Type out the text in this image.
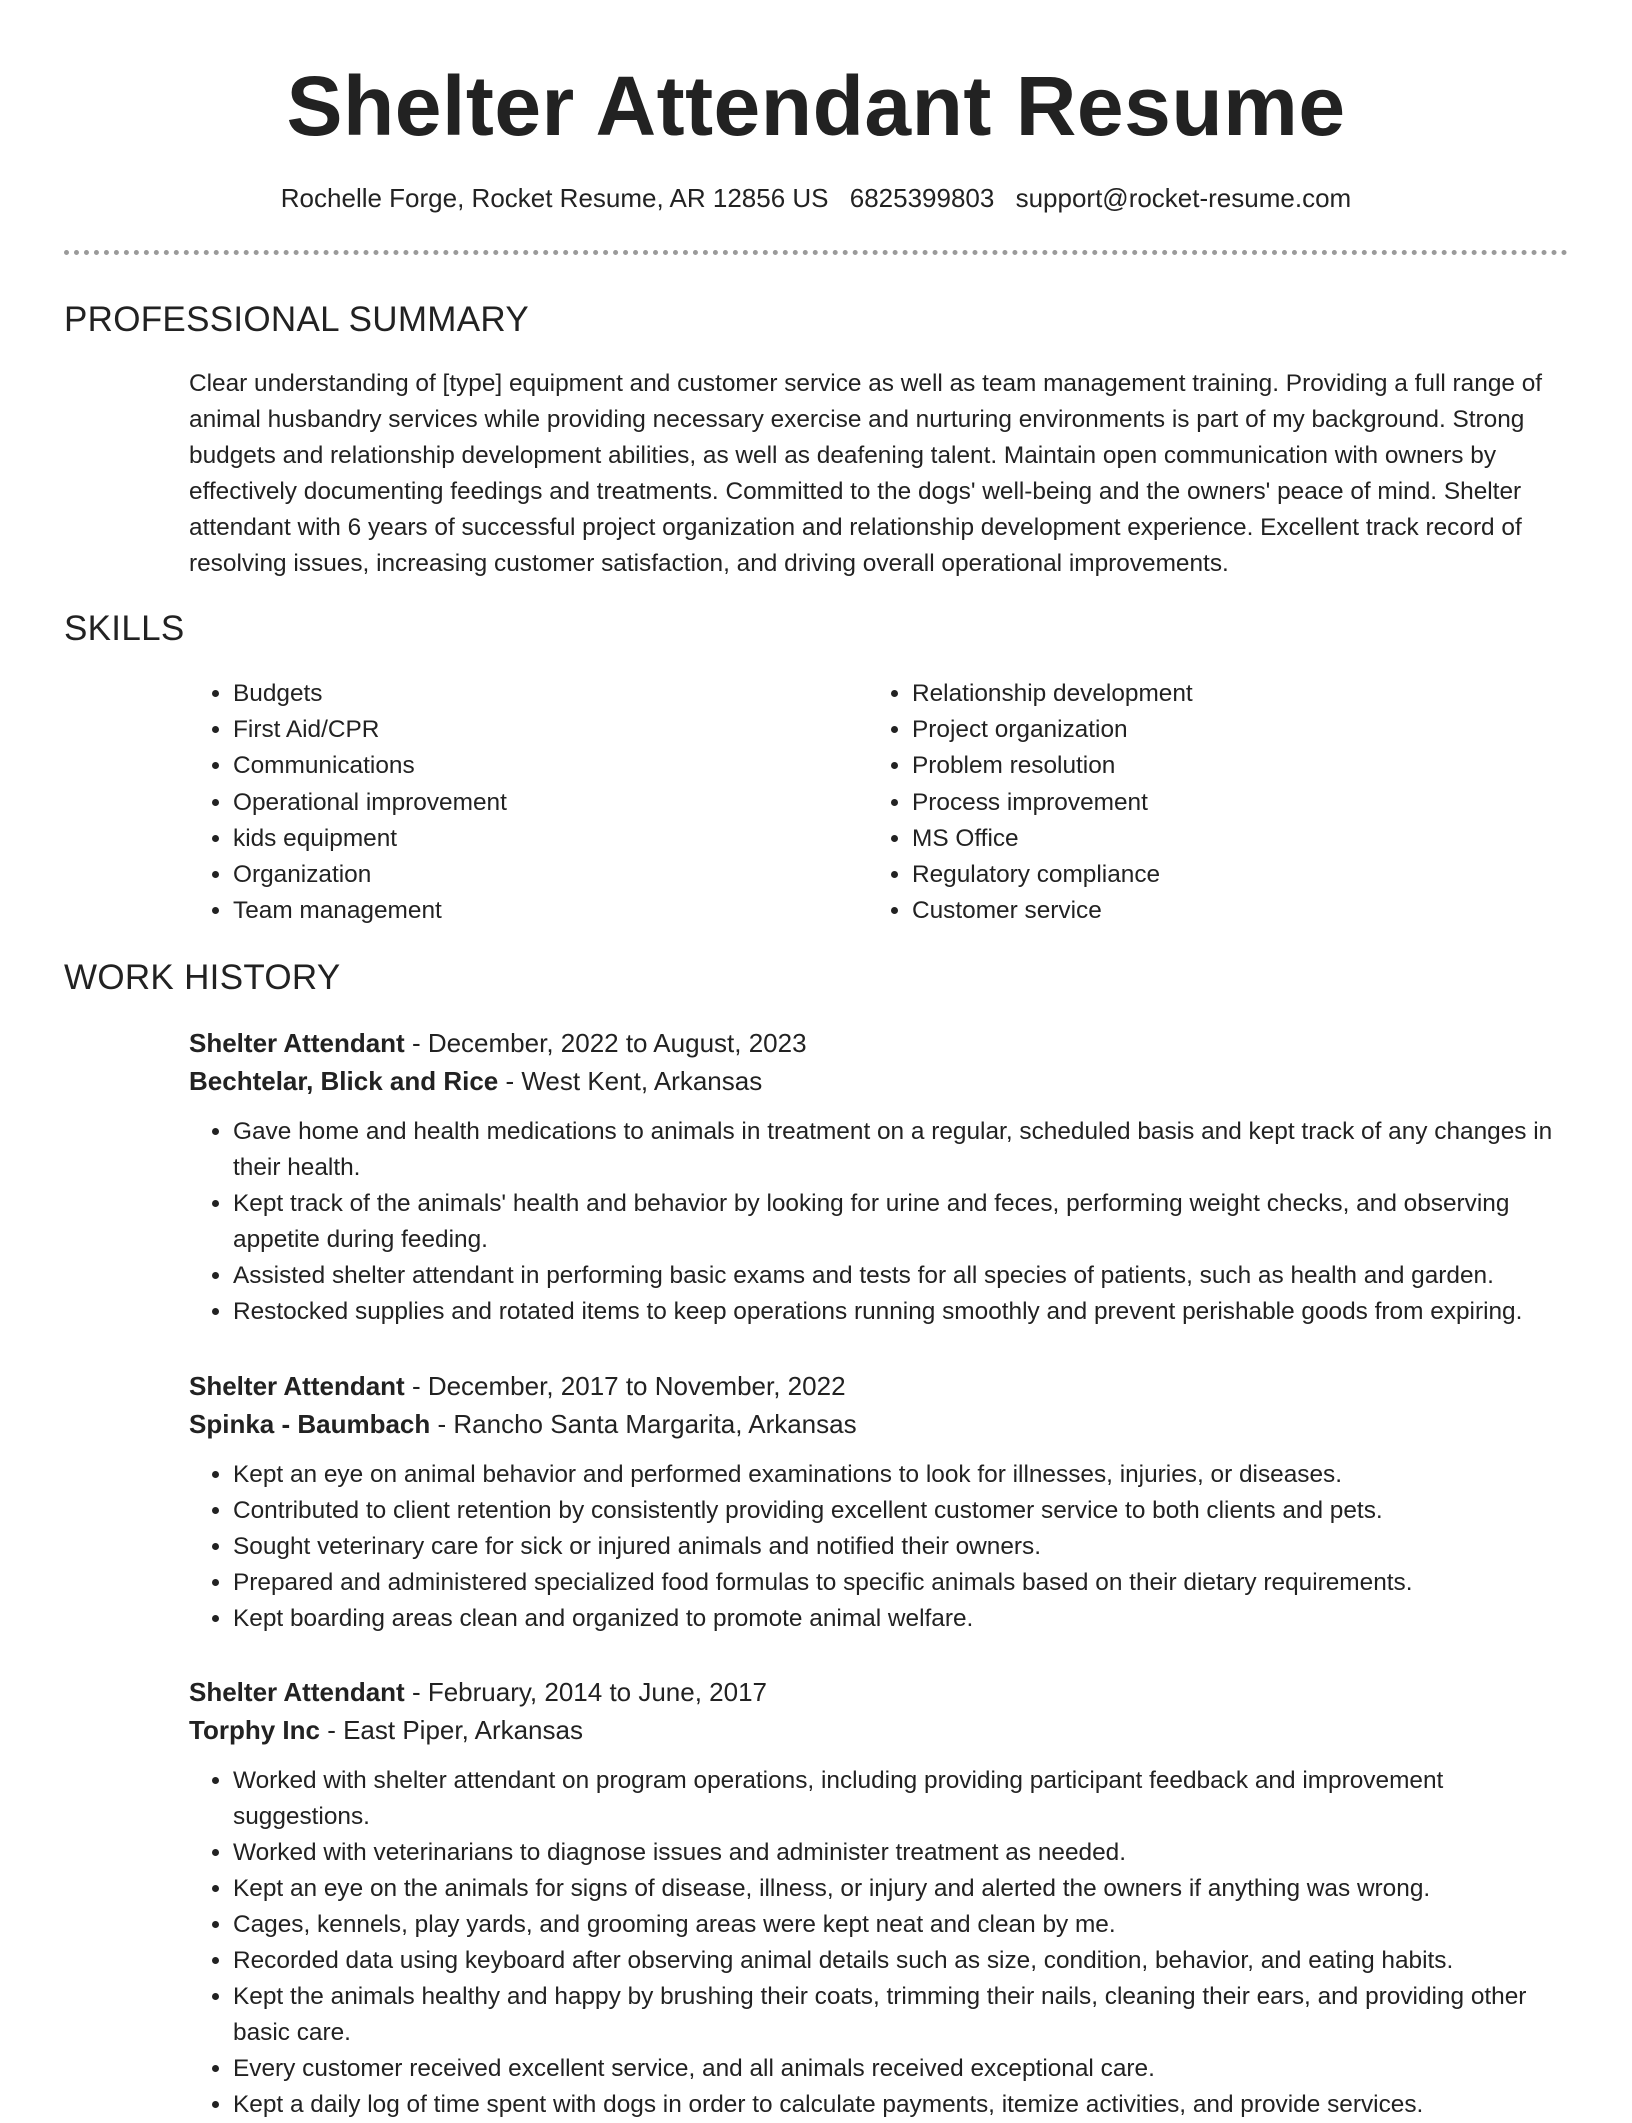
Shelter Attendant Resume
Rochelle Forge, Rocket Resume, AR 12856 US 6825399803 support@rocket-resume.com
PROFESSIONAL SUMMARY

Clear understanding of [type] equipment and customer service as well as team management training. Providing a full range of animal husbandry services while providing necessary exercise and nurturing environments is part of my background. Strong budgets and relationship development abilities, as well as deafening talent. Maintain open communication with owners by effectively documenting feedings and treatments. Committed to the dogs' well-being and the owners' peace of mind. Shelter attendant with 6 years of successful project organization and relationship development experience. Excellent track record of resolving issues, increasing customer satisfaction, and driving overall operational improvements.

SKILLS
• Budgets
• First Aid/CPR
• Communications
• Operational improvement
• kids equipment
• Organization
• Team management
• Relationship development
• Project organization
• Problem resolution
• Process improvement
• MS Office
• Regulatory compliance
• Customer service
WORK HISTORY
Shelter Attendant - December, 2022 to August, 2023
Bechtelar, Blick and Rice - West Kent, Arkansas
• Gave home and health medications to animals in treatment on a regular, scheduled basis and kept track of any changes in their health.
• Kept track of the animals' health and behavior by looking for urine and feces, performing weight checks, and observing appetite during feeding.
• Assisted shelter attendant in performing basic exams and tests for all species of patients, such as health and garden.
• Restocked supplies and rotated items to keep operations running smoothly and prevent perishable goods from expiring.
Shelter Attendant - December, 2017 to November, 2022
Spinka - Baumbach - Rancho Santa Margarita, Arkansas
• Kept an eye on animal behavior and performed examinations to look for illnesses, injuries, or diseases.
• Contributed to client retention by consistently providing excellent customer service to both clients and pets.
• Sought veterinary care for sick or injured animals and notified their owners.
• Prepared and administered specialized food formulas to specific animals based on their dietary requirements.
• Kept boarding areas clean and organized to promote animal welfare.
Shelter Attendant - February, 2014 to June, 2017
Torphy Inc - East Piper, Arkansas
• Worked with shelter attendant on program operations, including providing participant feedback and improvement suggestions.
• Worked with veterinarians to diagnose issues and administer treatment as needed.
• Kept an eye on the animals for signs of disease, illness, or injury and alerted the owners if anything was wrong.
• Cages, kennels, play yards, and grooming areas were kept neat and clean by me.
• Recorded data using keyboard after observing animal details such as size, condition, behavior, and eating habits.
• Kept the animals healthy and happy by brushing their coats, trimming their nails, cleaning their ears, and providing other basic care.
• Every customer received excellent service, and all animals received exceptional care.
• Kept a daily log of time spent with dogs in order to calculate payments, itemize activities, and provide services.
